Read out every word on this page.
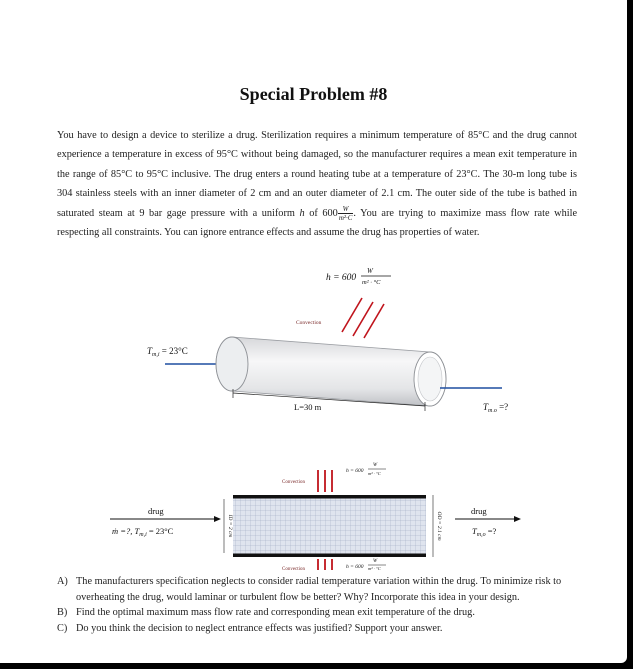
Special Problem #8
You have to design a device to sterilize a drug. Sterilization requires a minimum temperature of 85°C and the drug cannot experience a temperature in excess of 95°C without being damaged, so the manufacturer requires a mean exit temperature in the range of 85°C to 95°C inclusive. The drug enters a round heating tube at a temperature of 23°C. The 30-m long tube is 304 stainless steels with an inner diameter of 2 cm and an outer diameter of 2.1 cm. The outer side of the tube is bathed in saturated steam at 9 bar gage pressure with a uniform h of $600 \frac{W}{\text{m²·C}}$ . You are trying to maximize mass flow rate while respecting all constraints. You can ignore entrance effects and assume the drug has properties of water.
h = 600
W
m² · °C
Convection
$T_{m,i} = 23^\circ C$
$T_{m,o}$ =?
L=30 m
h = 600
W
m² · °C
Convection
ID = 2 cm	OD = 2.1 cm
drug
ṁ =?, $T_{m,i} = 23^\circ C$
drug
$T_{m,o}$ =?
Convection	h = 600
W
m² · °C
A) The manufacturers specification neglects to consider radial temperature variation within the drug. To minimize risk to overheating the drug, would laminar or turbulent flow be better? Why? Incorporate this idea in your design.
B) Find the optimal maximum mass flow rate and corresponding mean exit temperature of the drug.
C) Do you think the decision to neglect entrance effects was justified? Support your answer.
